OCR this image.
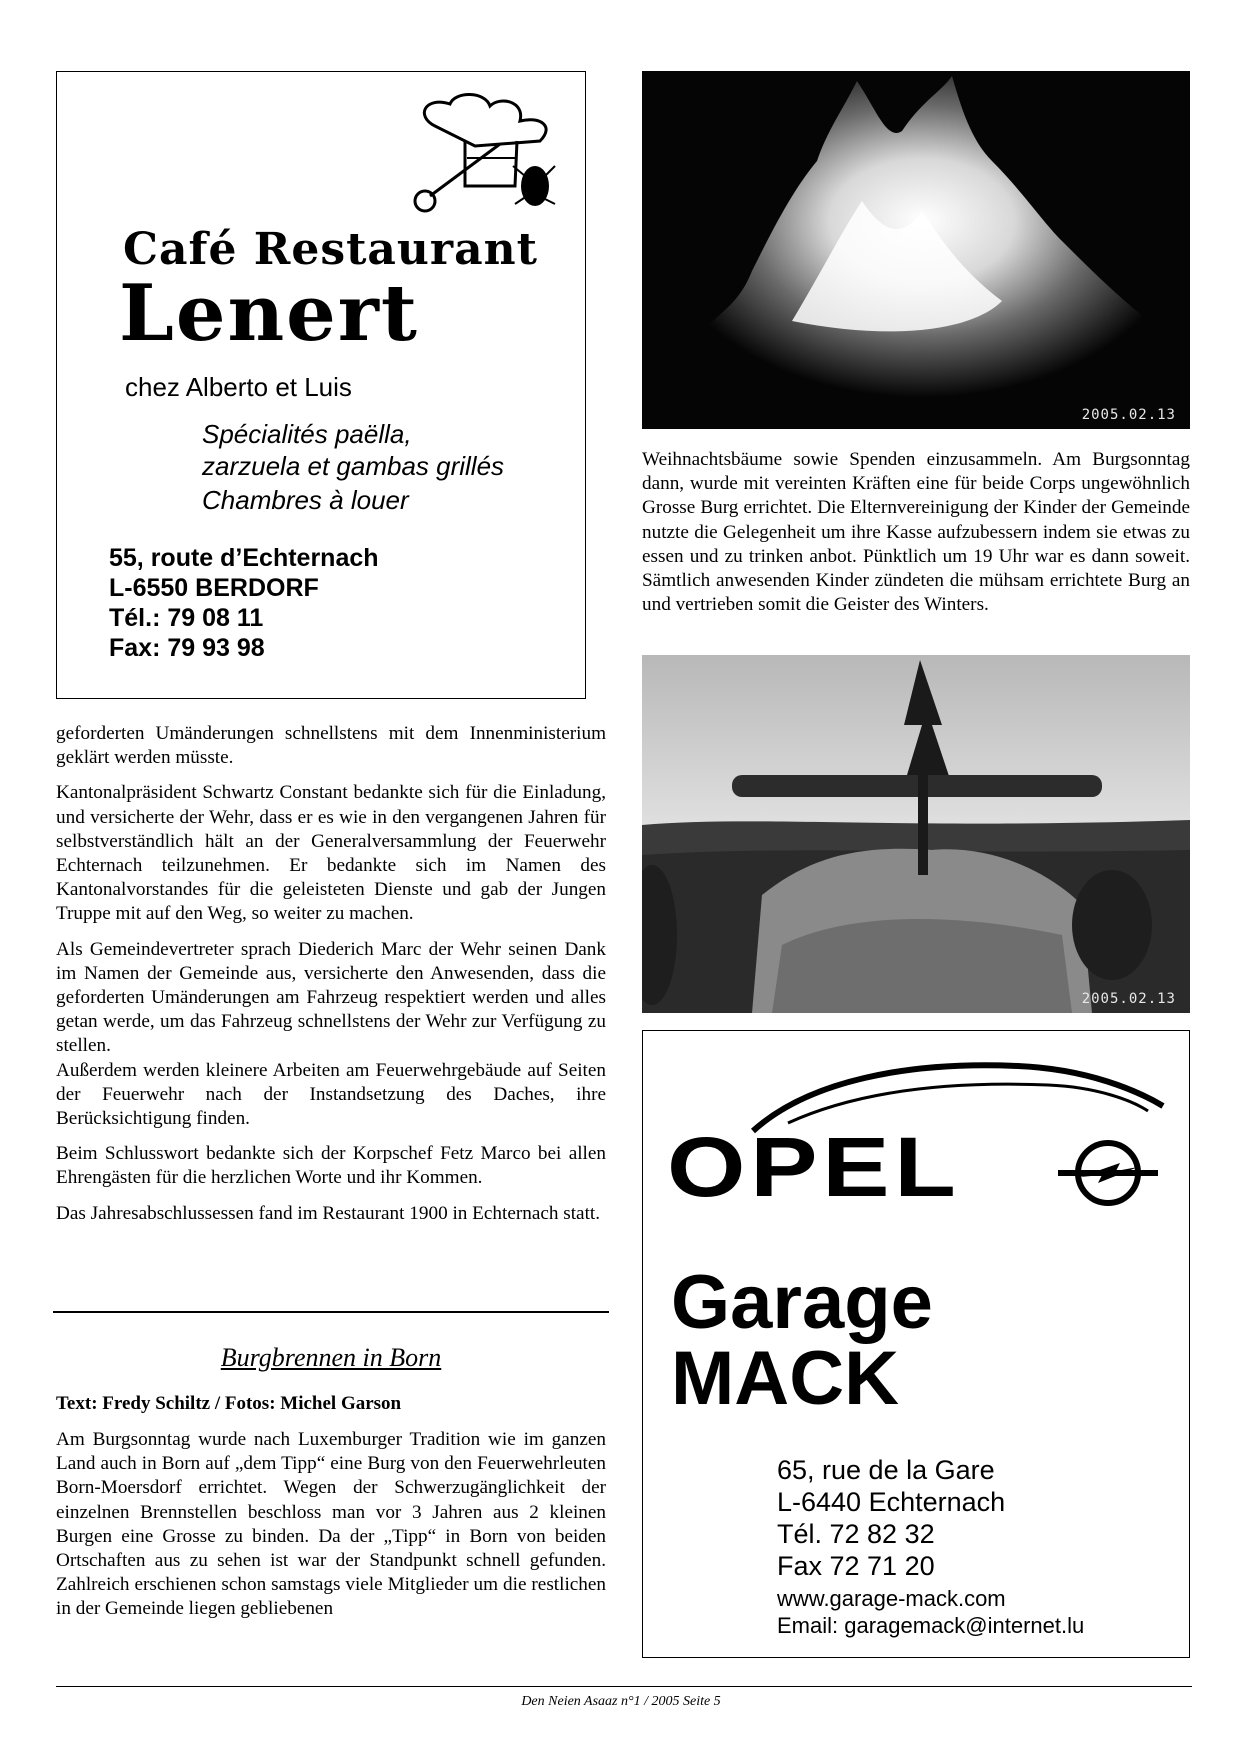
Café Restaurant
Lenert
chez Alberto et Luis
Spécialités paëlla,
zarzuela et gambas grillés
Chambres à louer
55, route d’Echternach
L-6550 BERDORF
Tél.: 79 08 11
Fax: 79 93 98
2005.02.13

Weihnachtsbäume sowie Spenden einzusammeln. Am Burgsonntag dann, wurde mit vereinten Kräften eine für beide Corps ungewöhnlich Grosse Burg errichtet. Die Elternvereinigung der Kinder der Gemeinde nutzte die Gelegenheit um ihre Kasse aufzubessern indem sie etwas zu essen und zu trinken anbot. Pünktlich um 19 Uhr war es dann soweit. Sämtlich anwesenden Kinder zündeten die mühsam errichtete Burg an und vertrieben somit die Geister des Winters.

2005.02.13
OPEL
Garage
MACK
65, rue de la Gare
L-6440 Echternach
Tél. 72 82 32
Fax 72 71 20
www.garage-mack.com
Email: garagemack@internet.lu

geforderten Umänderungen schnellstens mit dem Innenministerium geklärt werden müsste.

Kantonalpräsident Schwartz Constant bedankte sich für die Einladung, und versicherte der Wehr, dass er es wie in den vergangenen Jahren für selbstverständlich hält an der Generalversammlung der Feuerwehr Echternach teilzunehmen. Er bedankte sich im Namen des Kantonalvorstandes für die geleisteten Dienste und gab der Jungen Truppe mit auf den Weg, so weiter zu machen.

Als Gemeindevertreter sprach Diederich Marc der Wehr seinen Dank im Namen der Gemeinde aus, versicherte den Anwesenden, dass die geforderten Umänderungen am Fahrzeug respektiert werden und alles getan werde, um das Fahrzeug schnellstens der Wehr zur Verfügung zu stellen.

Außerdem werden kleinere Arbeiten am Feuerwehrgebäude auf Seiten der Feuerwehr nach der Instandsetzung des Daches, ihre Berücksichtigung finden.

Beim Schlusswort bedankte sich der Korpschef Fetz Marco bei allen Ehrengästen für die herzlichen Worte und ihr Kommen.

Das Jahresabschlussessen fand im Restaurant 1900 in Echternach statt.

Burgbrennen in Born
Text: Fredy Schiltz / Fotos: Michel Garson

Am Burgsonntag wurde nach Luxemburger Tradition wie im ganzen Land auch in Born auf „dem Tipp“ eine Burg von den Feuerwehrleuten Born-Moersdorf errichtet. Wegen der Schwerzugänglichkeit der einzelnen Brennstellen beschloss man vor 3 Jahren aus 2 kleinen Burgen eine Grosse zu binden. Da der „Tipp“ in Born von beiden Ortschaften aus zu sehen ist war der Standpunkt schnell gefunden. Zahlreich erschienen schon samstags viele Mitglieder um die restlichen in der Gemeinde liegen gebliebenen

Den Neien Asaaz n°1 / 2005 Seite 5
